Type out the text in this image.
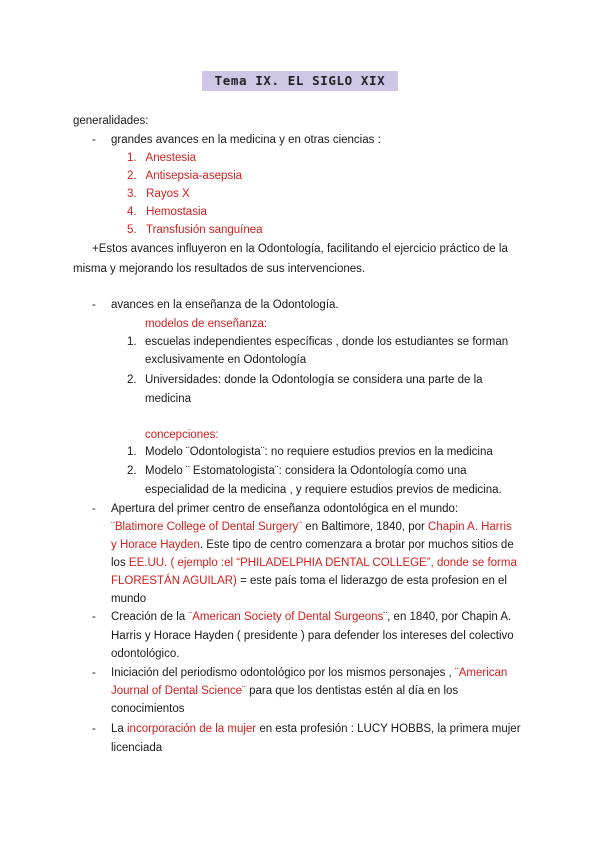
Tema IX. EL SIGLO XIX
generalidades:
-	grandes avances en la medicina y en otras ciencias :
1.   Anestesia
2.   Antisepsia-asepsia
3.   Rayos X
4.   Hemostasia
5.   Transfusión sanguínea
+Estos avances influyeron en la Odontología, facilitando el ejercicio práctico de la
misma y mejorando los resultados de sus intervenciones.
-	avances en la enseñanza de la Odontología.
modelos de enseñanza:
1. escuelas independientes específicas , donde los estudiantes se forman
exclusivamente en Odontología
2. Universidades: donde la Odontología se considera una parte de la
medicina
concepciones:
1. Modelo ¨Odontologista¨: no requiere estudios previos en la medicina
2. Modelo ¨ Estomatologista¨: considera la Odontología como una
especialidad de la medicina , y requiere estudios previos de medicina.
-	Apertura del primer centro de enseñanza odontológica en el mundo:
¨Blatimore College of Dental Surgery¨ en Baltimore, 1840, por Chapin A. Harris
y Horace Hayden. Este tipo de centro comenzara a brotar por muchos sitios de
los EE.UU. ( ejemplo :el “PHILADELPHIA DENTAL COLLEGE”, donde se forma
FLORESTÁN AGUILAR) = este país toma el liderazgo de esta profesion en el
mundo
-	Creación de la ¨American Society of Dental Surgeons¨, en 1840, por Chapin A.
Harris y Horace Hayden ( presidente ) para defender los intereses del colectivo
odontológico.
-	Iniciación del periodismo odontológico por los mismos personajes , ¨American
Journal of Dental Science¨ para que los dentistas estén al día en los
conocimientos
-	La incorporación de la mujer en esta profesión : LUCY HOBBS, la primera mujer
licenciada
